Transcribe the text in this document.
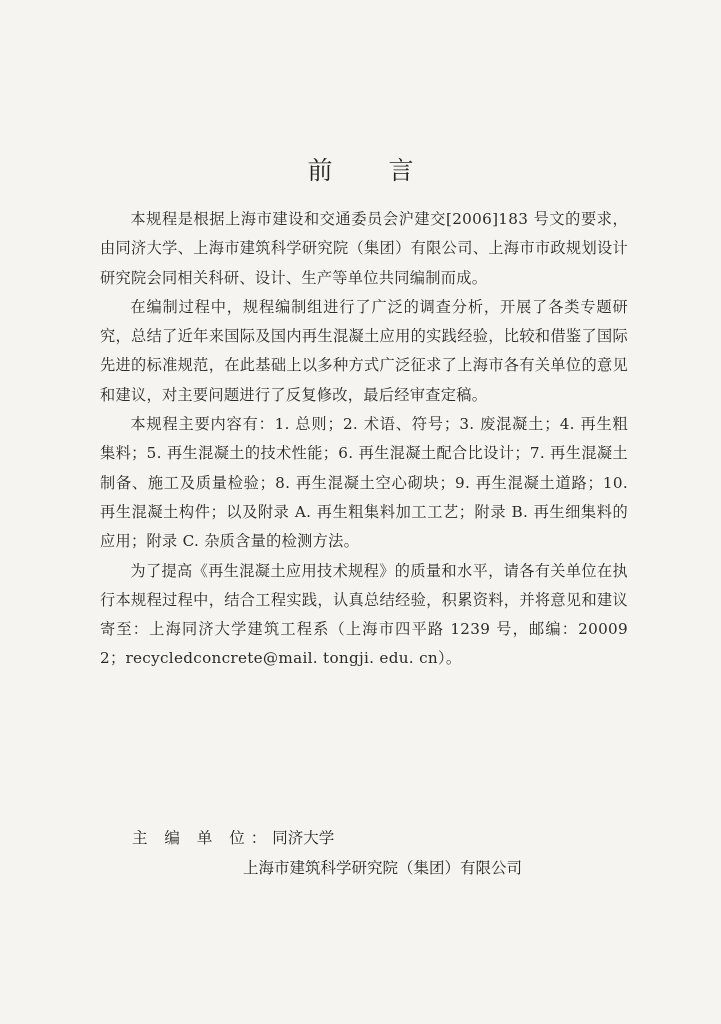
前 言

本规程是根据上海市建设和交通委员会沪建交[2006]183 号文的要求，由同济大学、上海市建筑科学研究院（集团）有限公司、上海市市政规划设计研究院会同相关科研、设计、生产等单位共同编制而成。

在编制过程中，规程编制组进行了广泛的调查分析，开展了各类专题研究，总结了近年来国际及国内再生混凝土应用的实践经验，比较和借鉴了国际先进的标准规范，在此基础上以多种方式广泛征求了上海市各有关单位的意见和建议，对主要问题进行了反复修改，最后经审查定稿。

本规程主要内容有：1. 总则；2. 术语、符号；3. 废混凝土；4. 再生粗集料；5. 再生混凝土的技术性能；6. 再生混凝土配合比设计；7. 再生混凝土制备、施工及质量检验；8. 再生混凝土空心砌块；9. 再生混凝土道路；10. 再生混凝土构件；以及附录 A. 再生粗集料加工工艺；附录 B. 再生细集料的应用；附录 C. 杂质含量的检测方法。

为了提高《再生混凝土应用技术规程》的质量和水平，请各有关单位在执行本规程过程中，结合工程实践，认真总结经验，积累资料，并将意见和建议寄至：上海同济大学建筑工程系（上海市四平路 1239 号，邮编：200092；recycledconcrete@mail. tongji. edu. cn）。

主 编 单 位：同济大学
上海市建筑科学研究院（集团）有限公司
